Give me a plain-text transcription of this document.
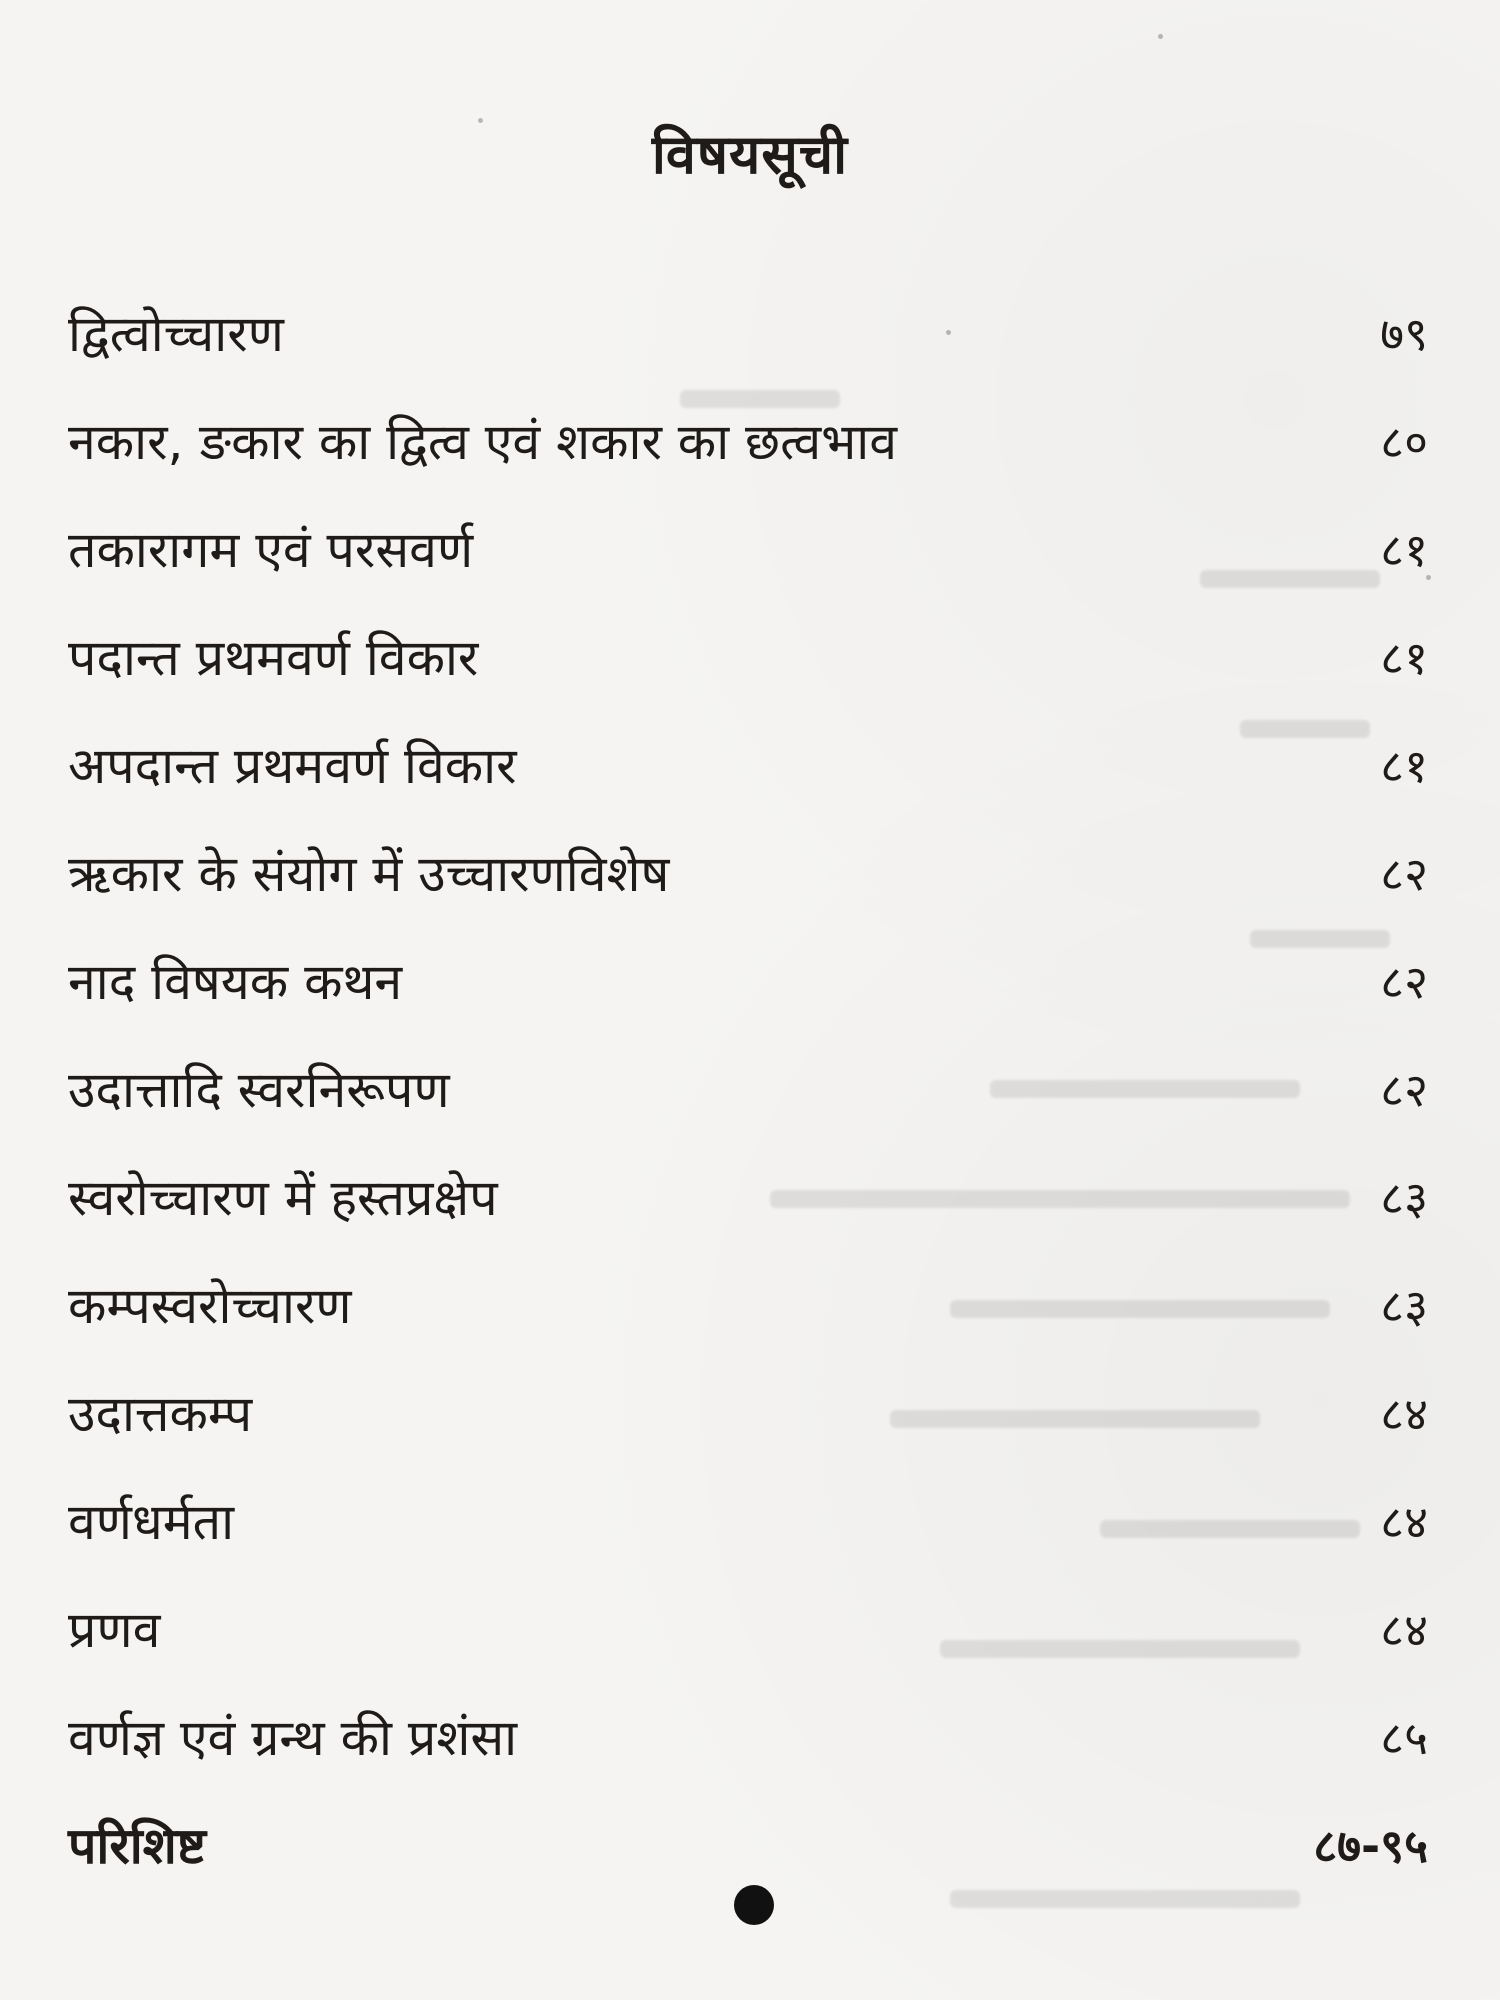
विषयसूची
द्वित्वोच्चारण	७९
नकार, ङकार का द्वित्व एवं शकार का छत्वभाव	८०
तकारागम एवं परसवर्ण	८१
पदान्त प्रथमवर्ण विकार	८१
अपदान्त प्रथमवर्ण विकार	८१
ऋकार के संयोग में उच्चारणविशेष	८२
नाद विषयक कथन	८२
उदात्तादि स्वरनिरूपण	८२
स्वरोच्चारण में हस्तप्रक्षेप	८३
कम्पस्वरोच्चारण	८३
उदात्तकम्प	८४
वर्णधर्मता	८४
प्रणव	८४
वर्णज्ञ एवं ग्रन्थ की प्रशंसा	८५
परिशिष्ट	८७-९५
